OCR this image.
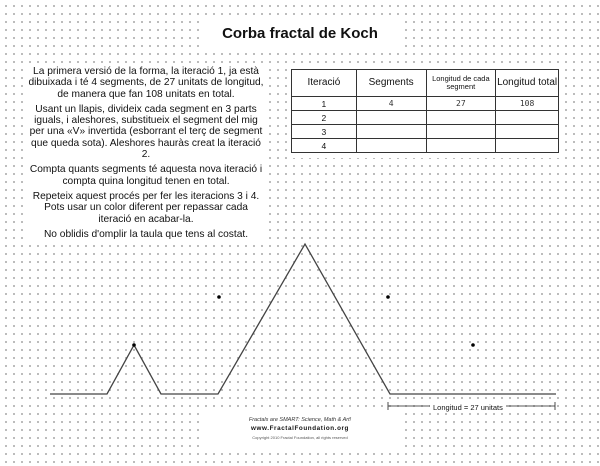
Corba fractal de Koch

La primera versió de la forma, la iteració 1, ja està dibuixada i té 4 segments, de 27 unitats de longitud, de manera que fan 108 unitats en total.

Usant un llapis, divideix cada segment en 3 parts iguals, i aleshores, substitueix el segment del mig per una «V» invertida (esborrant el terç de segment que queda sota). Aleshores hauràs creat la iteració 2.

Compta quants segments té aquesta nova iteració i compta quina longitud tenen en total.

Repeteix aquest procés per fer les iteracions 3 i 4. Pots usar un color diferent per repassar cada iteració en acabar-la.

No oblidis d'omplir la taula que tens al costat.

Iteració	Segments	Longitud de cada segment	Longitud total
1	4	27	108
2			
3			
4			
Longitud = 27 unitats
Fractals are SMART: Science, Math & Art!
www.FractalFoundation.org
Copyright 2010 Fractal Foundation, all rights reserved
